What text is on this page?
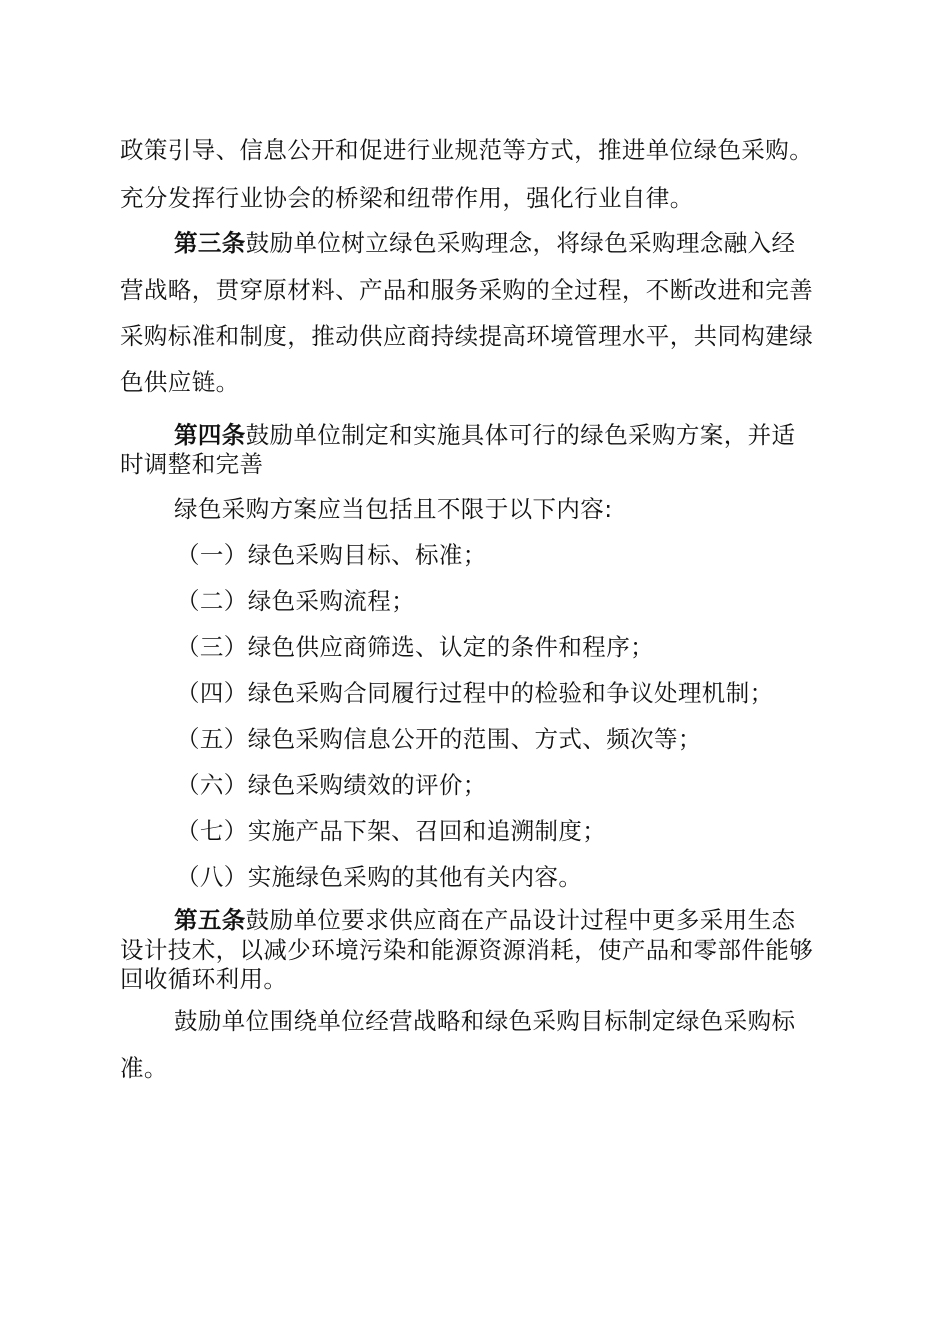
政策引导、信息公开和促进行业规范等方式，推进单位绿色采购。
充分发挥行业协会的桥梁和纽带作用，强化行业自律。
第三条鼓励单位树立绿色采购理念，将绿色采购理念融入经
营战略，贯穿原材料、产品和服务采购的全过程，不断改进和完善
采购标准和制度，推动供应商持续提高环境管理水平，共同构建绿
色供应链。
第四条鼓励单位制定和实施具体可行的绿色采购方案，并适
时调整和完善
绿色采购方案应当包括且不限于以下内容:
（一）绿色采购目标、标准；
（二）绿色采购流程；
（三）绿色供应商筛选、认定的条件和程序；
（四）绿色采购合同履行过程中的检验和争议处理机制；
（五）绿色采购信息公开的范围、方式、频次等；
（六）绿色采购绩效的评价；
（七）实施产品下架、召回和追溯制度；
（八）实施绿色采购的其他有关内容。
第五条鼓励单位要求供应商在产品设计过程中更多采用生态
设计技术，以减少环境污染和能源资源消耗，使产品和零部件能够
回收循环利用。
鼓励单位围绕单位经营战略和绿色采购目标制定绿色采购标
准。
